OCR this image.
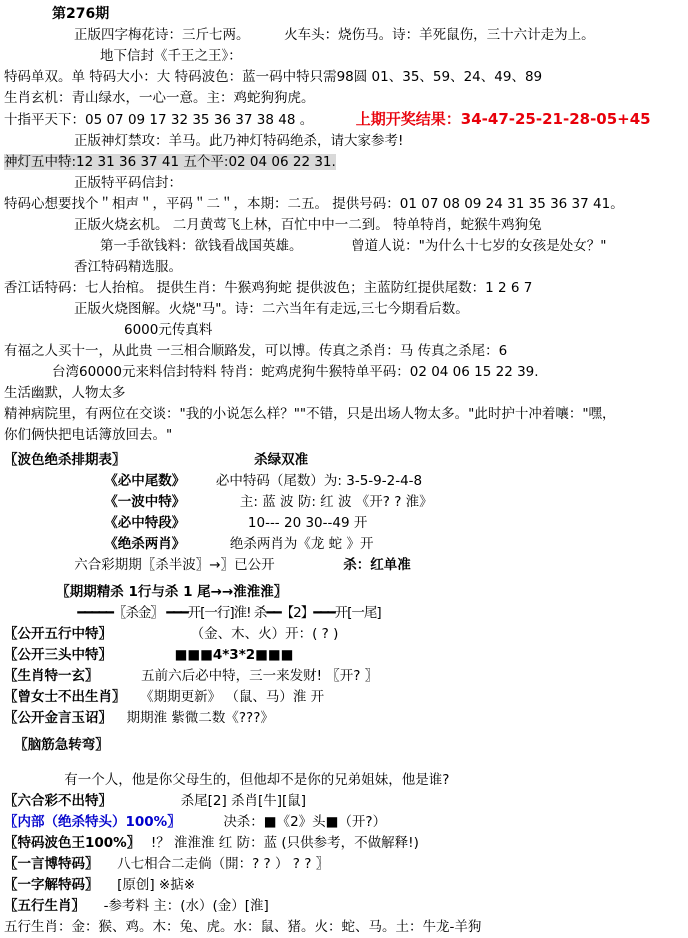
第276期
正版四字梅花诗：三斤七两。	火车头：烧伤马。诗：羊死鼠伤，三十六计走为上。
地下信封《千王之王》：
特码单双。单 特码大小：大 特码波色：蓝一码中特只需98圆 01、35、59、24、49、89
生肖玄机：青山绿水，一心一意。主：鸡蛇狗狗虎。
十指平天下：05 07 09 17 32 35 36 37 38 48 。	上期开奖结果：34-47-25-21-28-05+45
正版神灯禁攻：羊马。此乃神灯特码绝杀，请大家参考!
神灯五中特:12 31 36 37 41 五个平:02 04 06 22 31.
正版特平码信封：
特码心想要找个＂相声＂，平码＂二＂，本期：二五。 提供号码：01 07 08 09 24 31 35 36 37 41。
正版火烧玄机。 二月黄莺飞上林，百忙中中一二到。 特单特肖，蛇猴牛鸡狗兔
第一手欲钱料：欲钱看战国英雄。	曾道人说："为什么十七岁的女孩是处女？"
香江特码精选服。
香江话特码：七人抬棺。 提供生肖：牛猴鸡狗蛇 提供波色；主蓝防红提供尾数：1 2 6 7
正版火烧图解。火烧"马"。诗：二六当年有走远,三七今期看后数。
6000元传真料
有福之人买十一，从此贵 一三相合顺路发，可以博。传真之杀肖：马 传真之杀尾：6
台湾60000元来料信封特料 特肖：蛇鸡虎狗牛猴特单平码：02 04 06 15 22 39.
生活幽默，人物太多
精神病院里，有两位在交谈："我的小说怎么样？""不错，只是出场人物太多。"此时护十冲着嚷："嘿，
你们俩快把电话簿放回去。"
〖波色绝杀排期表〗	杀绿双准
《必中尾数》 必中特码（尾数）为: 3-5-9-2-4-8
《一波中特》	主: 蓝 波 防: 红 波 《开? ? 淮》
《必中特段》	10--- 20 30--49 开
《绝杀两肖》	绝杀两肖为《龙 蛇 》开
六合彩期期〖杀半波〗→〗已公开	杀：红单准
〖期期精杀 1行与杀 1 尾→→淮淮淮〗
━━━━━〖杀金〗 ━━━开[一行]淮! 杀━━【2】━━━开[一尾]
〖公开五行中特〗	（金、木、火）开：( ? )
〖公开三头中特〗	■■■4*3*2■■■
〖生肖特一玄〗	五前六后必中特，三一来发财! 〖开? 〗
〖曾女士不出生肖〗 《期期更新》 （鼠、马）淮 开
〖公开金言玉诏〗 期期淮 紫微二数《???》
〖脑筋急转弯〗
有一个人，他是你父母生的，但他却不是你的兄弟姐妹，他是谁?
〖六合彩不出特〗	杀尾[2] 杀肖[牛][鼠]
〖内部（绝杀特头）100%〗	决杀：■《2》头■（开?）
〖特码波色王100%〗 !？ 淮淮淮 红 防：蓝 (只供参考，不做解释!)
〖一言博特码〗 八七相合二走倘（開：? ? ） ? ? 〗
〖一字解特码〗 [原创] ※掂※
〖五行生肖〗 -参考料 主：(水）(金）[淮]
五行生肖：金：猴、鸡。木：兔、虎。水：鼠、猪。火：蛇、马。土：牛龙-羊狗
